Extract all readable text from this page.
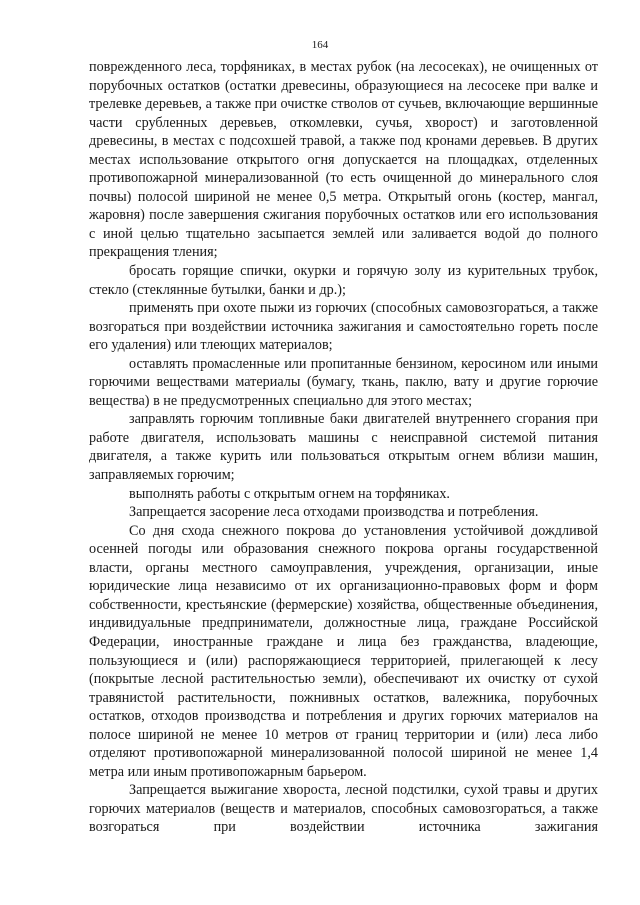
164

поврежденного леса, торфяниках, в местах рубок (на лесосеках), не очищенных от порубочных остатков (остатки древесины, образующиеся на лесосеке при валке и трелевке деревьев, а также при очистке стволов от сучьев, включающие вершинные части срубленных деревьев, откомлевки, сучья, хворост) и заготовленной древесины, в местах с подсохшей травой, а также под кронами деревьев. В других местах использование открытого огня допускается на площадках, отделенных противопожарной минерализованной (то есть очищенной до минерального слоя почвы) полосой шириной не менее 0,5 метра. Открытый огонь (костер, мангал, жаровня) после завершения сжигания порубочных остатков или его использования с иной целью тщательно засыпается землей или заливается водой до полного прекращения тления;

бросать горящие спички, окурки и горячую золу из курительных трубок, стекло (стеклянные бутылки, банки и др.);

применять при охоте пыжи из горючих (способных самовозгораться, а также возгораться при воздействии источника зажигания и самостоятельно гореть после его удаления) или тлеющих материалов;

оставлять промасленные или пропитанные бензином, керосином или иными горючими веществами материалы (бумагу, ткань, паклю, вату и другие горючие вещества) в не предусмотренных специально для этого местах;

заправлять горючим топливные баки двигателей внутреннего сгорания при работе двигателя, использовать машины с неисправной системой питания двигателя, а также курить или пользоваться открытым огнем вблизи машин, заправляемых горючим;

выполнять работы с открытым огнем на торфяниках.

Запрещается засорение леса отходами производства и потребления.

Со дня схода снежного покрова до установления устойчивой дождливой осенней погоды или образования снежного покрова органы государственной власти, органы местного самоуправления, учреждения, организации, иные юридические лица независимо от их организационно-правовых форм и форм собственности, крестьянские (фермерские) хозяйства, общественные объединения, индивидуальные предприниматели, должностные лица, граждане Российской Федерации, иностранные граждане и лица без гражданства, владеющие, пользующиеся и (или) распоряжающиеся территорией, прилегающей к лесу (покрытые лесной растительностью земли), обеспечивают их очистку от сухой травянистой растительности, пожнивных остатков, валежника, порубочных остатков, отходов производства и потребления и других горючих материалов на полосе шириной не менее 10 метров от границ территории и (или) леса либо отделяют противопожарной минерализованной полосой шириной не менее 1,4 метра или иным противопожарным барьером.

Запрещается выжигание хвороста, лесной подстилки, сухой травы и других горючих материалов (веществ и материалов, способных самовозгораться, а также возгораться при воздействии источника зажигания
